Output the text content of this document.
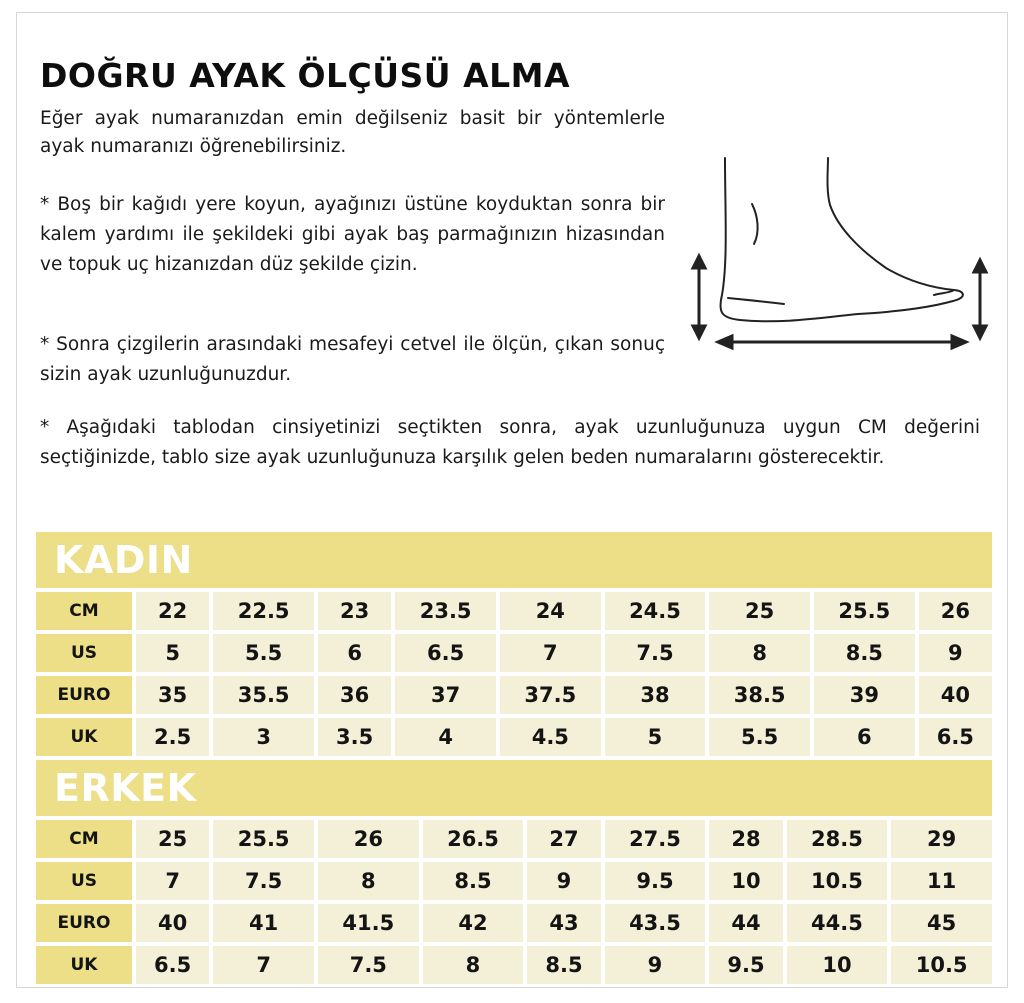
DOĞRU AYAK ÖLÇÜSÜ ALMA

Eğer ayak numaranızdan emin değilseniz basit bir yöntemlerle ayak numaranızı öğrenebilirsiniz.

* Boş bir kağıdı yere koyun, ayağınızı üstüne koyduktan sonra bir kalem yardımı ile şekildeki gibi ayak baş parmağınızın hizasından ve topuk uç hizanızdan düz şekilde çizin.

* Sonra çizgilerin arasındaki mesafeyi cetvel ile ölçün, çıkan sonuç sizin ayak uzunluğunuzdur.

* Aşağıdaki tablodan cinsiyetinizi seçtikten sonra, ayak uzunluğunuza uygun CM değerini seçtiğinizde, tablo size ayak uzunluğunuza karşılık gelen beden numaralarını gösterecektir.

KADIN
CM	22	22.5	23	23.5	24	24.5	25	25.5	26
US	5	5.5	6	6.5	7	7.5	8	8.5	9
EURO	35	35.5	36	37	37.5	38	38.5	39	40
UK	2.5	3	3.5	4	4.5	5	5.5	6	6.5
ERKEK
CM	25	25.5	26	26.5	27	27.5	28	28.5	29
US	7	7.5	8	8.5	9	9.5	10	10.5	11
EURO	40	41	41.5	42	43	43.5	44	44.5	45
UK	6.5	7	7.5	8	8.5	9	9.5	10	10.5
